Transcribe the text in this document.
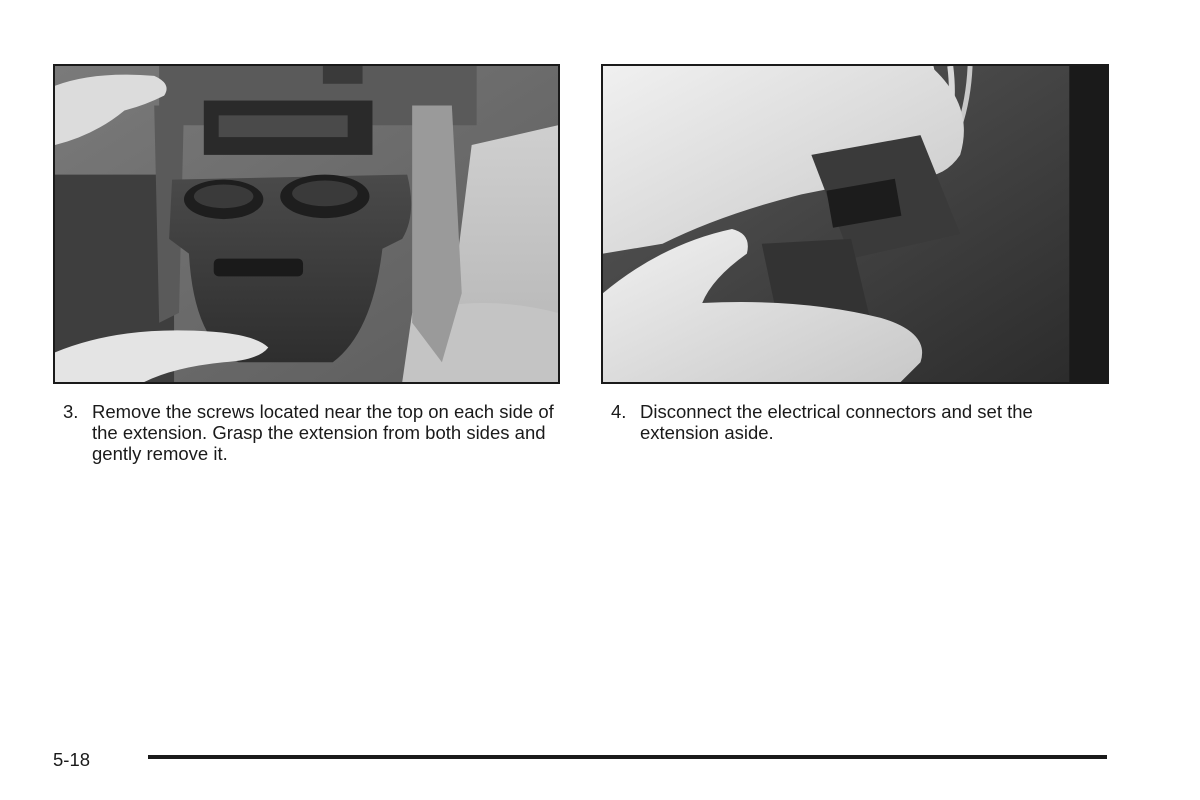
3. Remove the screws located near the top on each side of the extension. Grasp the extension from both sides and gently remove it.
4. Disconnect the electrical connectors and set the extension aside.
5-18
